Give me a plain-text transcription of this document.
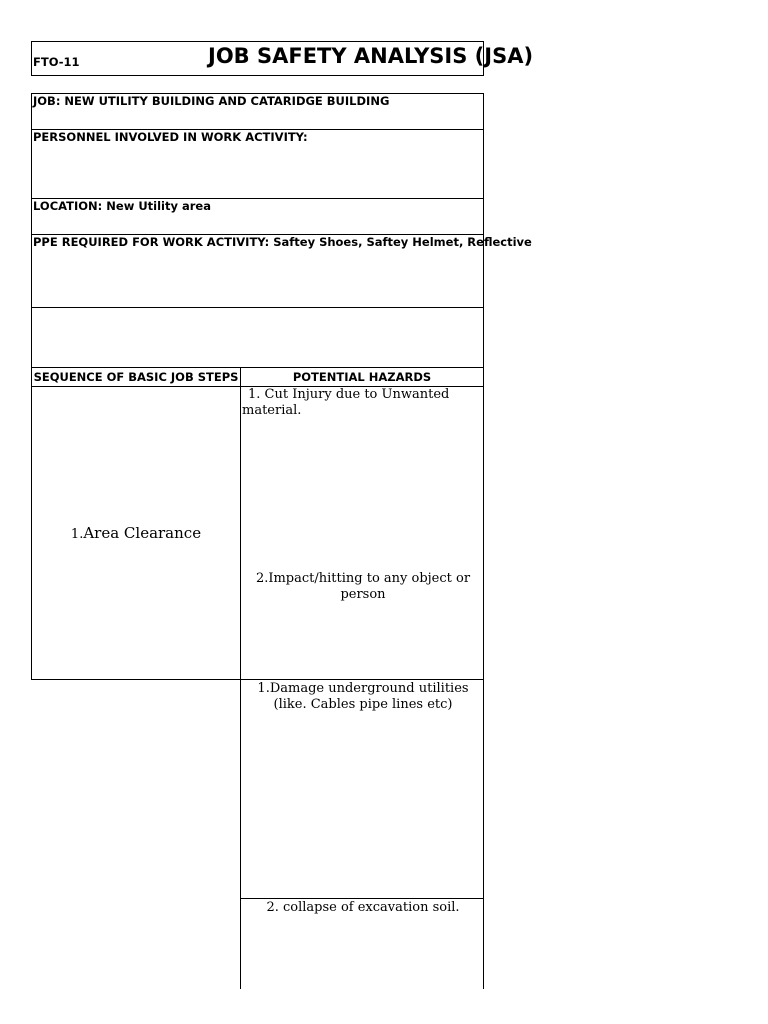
FTO-11	JOB SAFETY ANALYSIS (JSA)
JOB: NEW UTILITY BUILDING AND CATARIDGE BUILDING
PERSONNEL INVOLVED IN WORK ACTIVITY:
LOCATION: New Utility area
PPE REQUIRED FOR WORK ACTIVITY: Saftey Shoes, Saftey Helmet, Reflective
SEQUENCE OF BASIC JOB STEPS	POTENTIAL HAZARDS
1.Area Clearance
1. Cut Injury due to Unwanted
material.
2.Impact/hitting to any object or
person
1.Damage underground utilities
(like. Cables pipe lines etc)
2. collapse of excavation soil.
